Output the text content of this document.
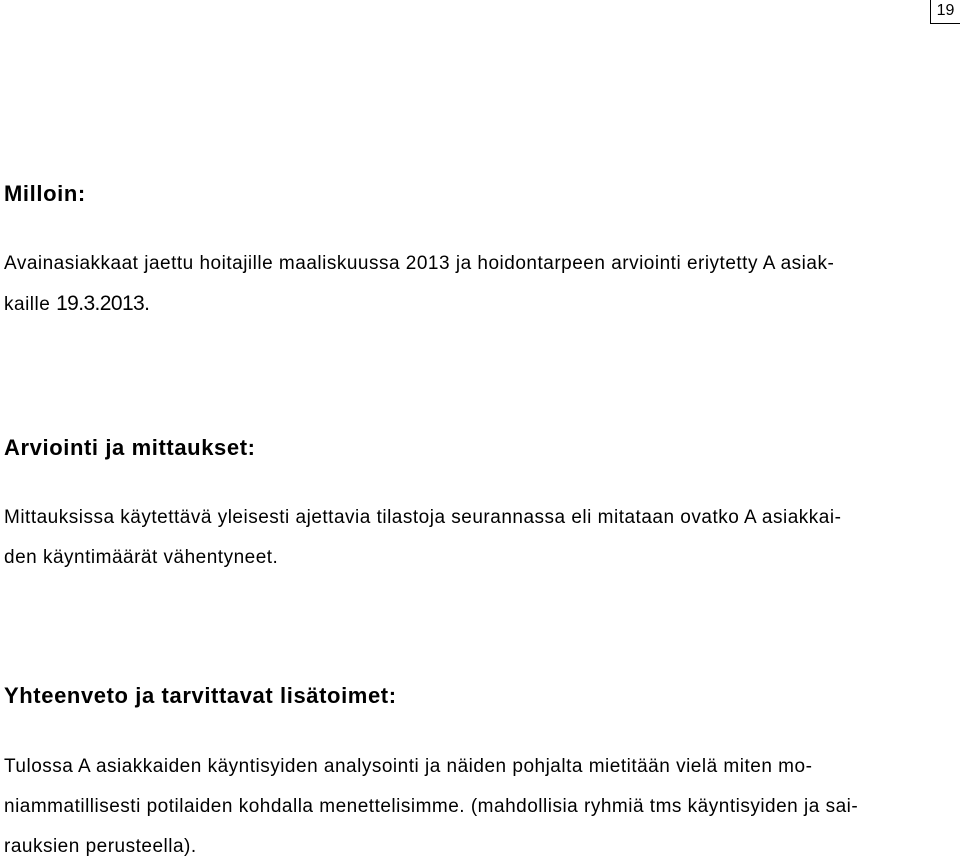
19
Milloin:

Avainasiakkaat jaettu hoitajille maaliskuussa 2013 ja hoidontarpeen arviointi eriytetty A asiak-
kaille 19.3.2013.

Arviointi ja mittaukset:

Mittauksissa käytettävä yleisesti ajettavia tilastoja seurannassa eli mitataan ovatko A asiakkai-
den käyntimäärät vähentyneet.

Yhteenveto ja tarvittavat lisätoimet:

Tulossa A asiakkaiden käyntisyiden analysointi ja näiden pohjalta mietitään vielä miten mo-
niammatillisesti potilaiden kohdalla menettelisimme. (mahdollisia ryhmiä tms käyntisyiden ja sai-
rauksien perusteella).
